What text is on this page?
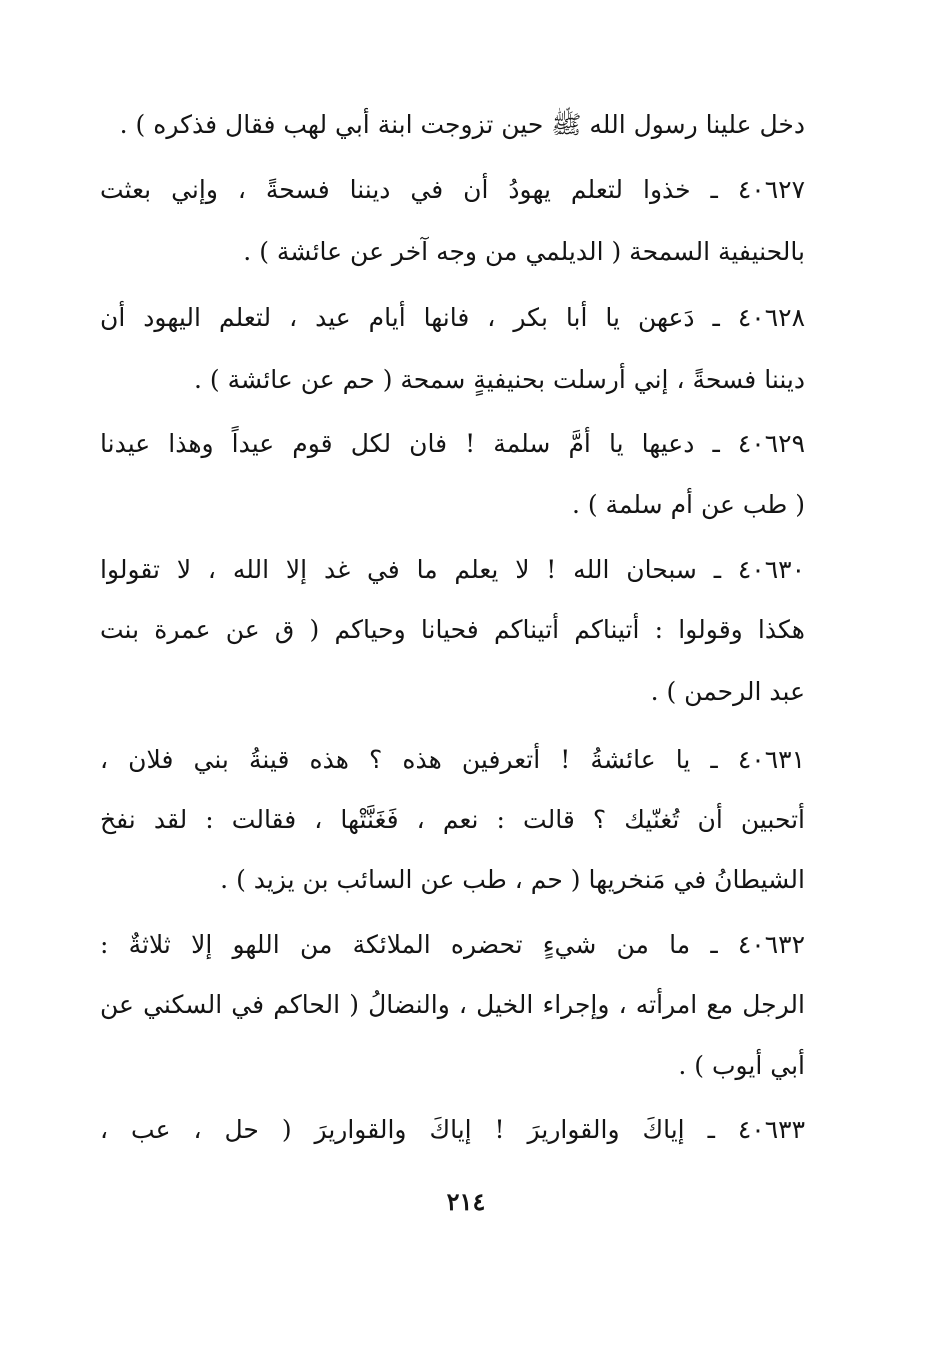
دخل علينا رسول الله ﷺ حين تزوجت ابنة أبي لهب فقال فذكره ) .
٤٠٦٢٧ ـ خذوا لتعلم يهودُ أن في ديننا فسحةً ، وإني بعثت
بالحنيفية السمحة ( الديلمي من وجه آخر عن عائشة ) .
٤٠٦٢٨ ـ دَعهن يا أبا بكر ، فانها أيام عيد ، لتعلم اليهود أن
ديننا فسحةً ، إني أرسلت بحنيفيةٍ سمحة ( حم عن عائشة ) .
٤٠٦٢٩ ـ دعيها يا أمَّ سلمة ! فان لكل قوم عيداً وهذا عيدنا
( طب عن أم سلمة ) .
٤٠٦٣٠ ـ سبحان الله ! لا يعلم ما في غد إلا الله ، لا تقولوا
هكذا وقولوا : أتيناكم أتيناكم فحيانا وحياكم ( ق عن عمرة بنت
عبد الرحمن ) .
٤٠٦٣١ ـ يا عائشةُ ! أتعرفين هذه ؟ هذه قينةُ بني فلان ،
أتحبين أن تُغنّيك ؟ قالت : نعم ، فَغَنَّتْها ، فقالت : لقد نفخ
الشيطانُ في مَنخريها ( حم ، طب عن السائب بن يزيد ) .
٤٠٦٣٢ ـ ما من شيءٍ تحضره الملائكة من اللهو إلا ثلاثةٌ :
الرجل مع امرأته ، وإجراء الخيل ، والنضالُ ( الحاكم في السكني عن
أبي أيوب ) .
٤٠٦٣٣ ـ إياكَ والقواريرَ ! إياكَ والقواريرَ ( حل ، عب ،
٢١٤
